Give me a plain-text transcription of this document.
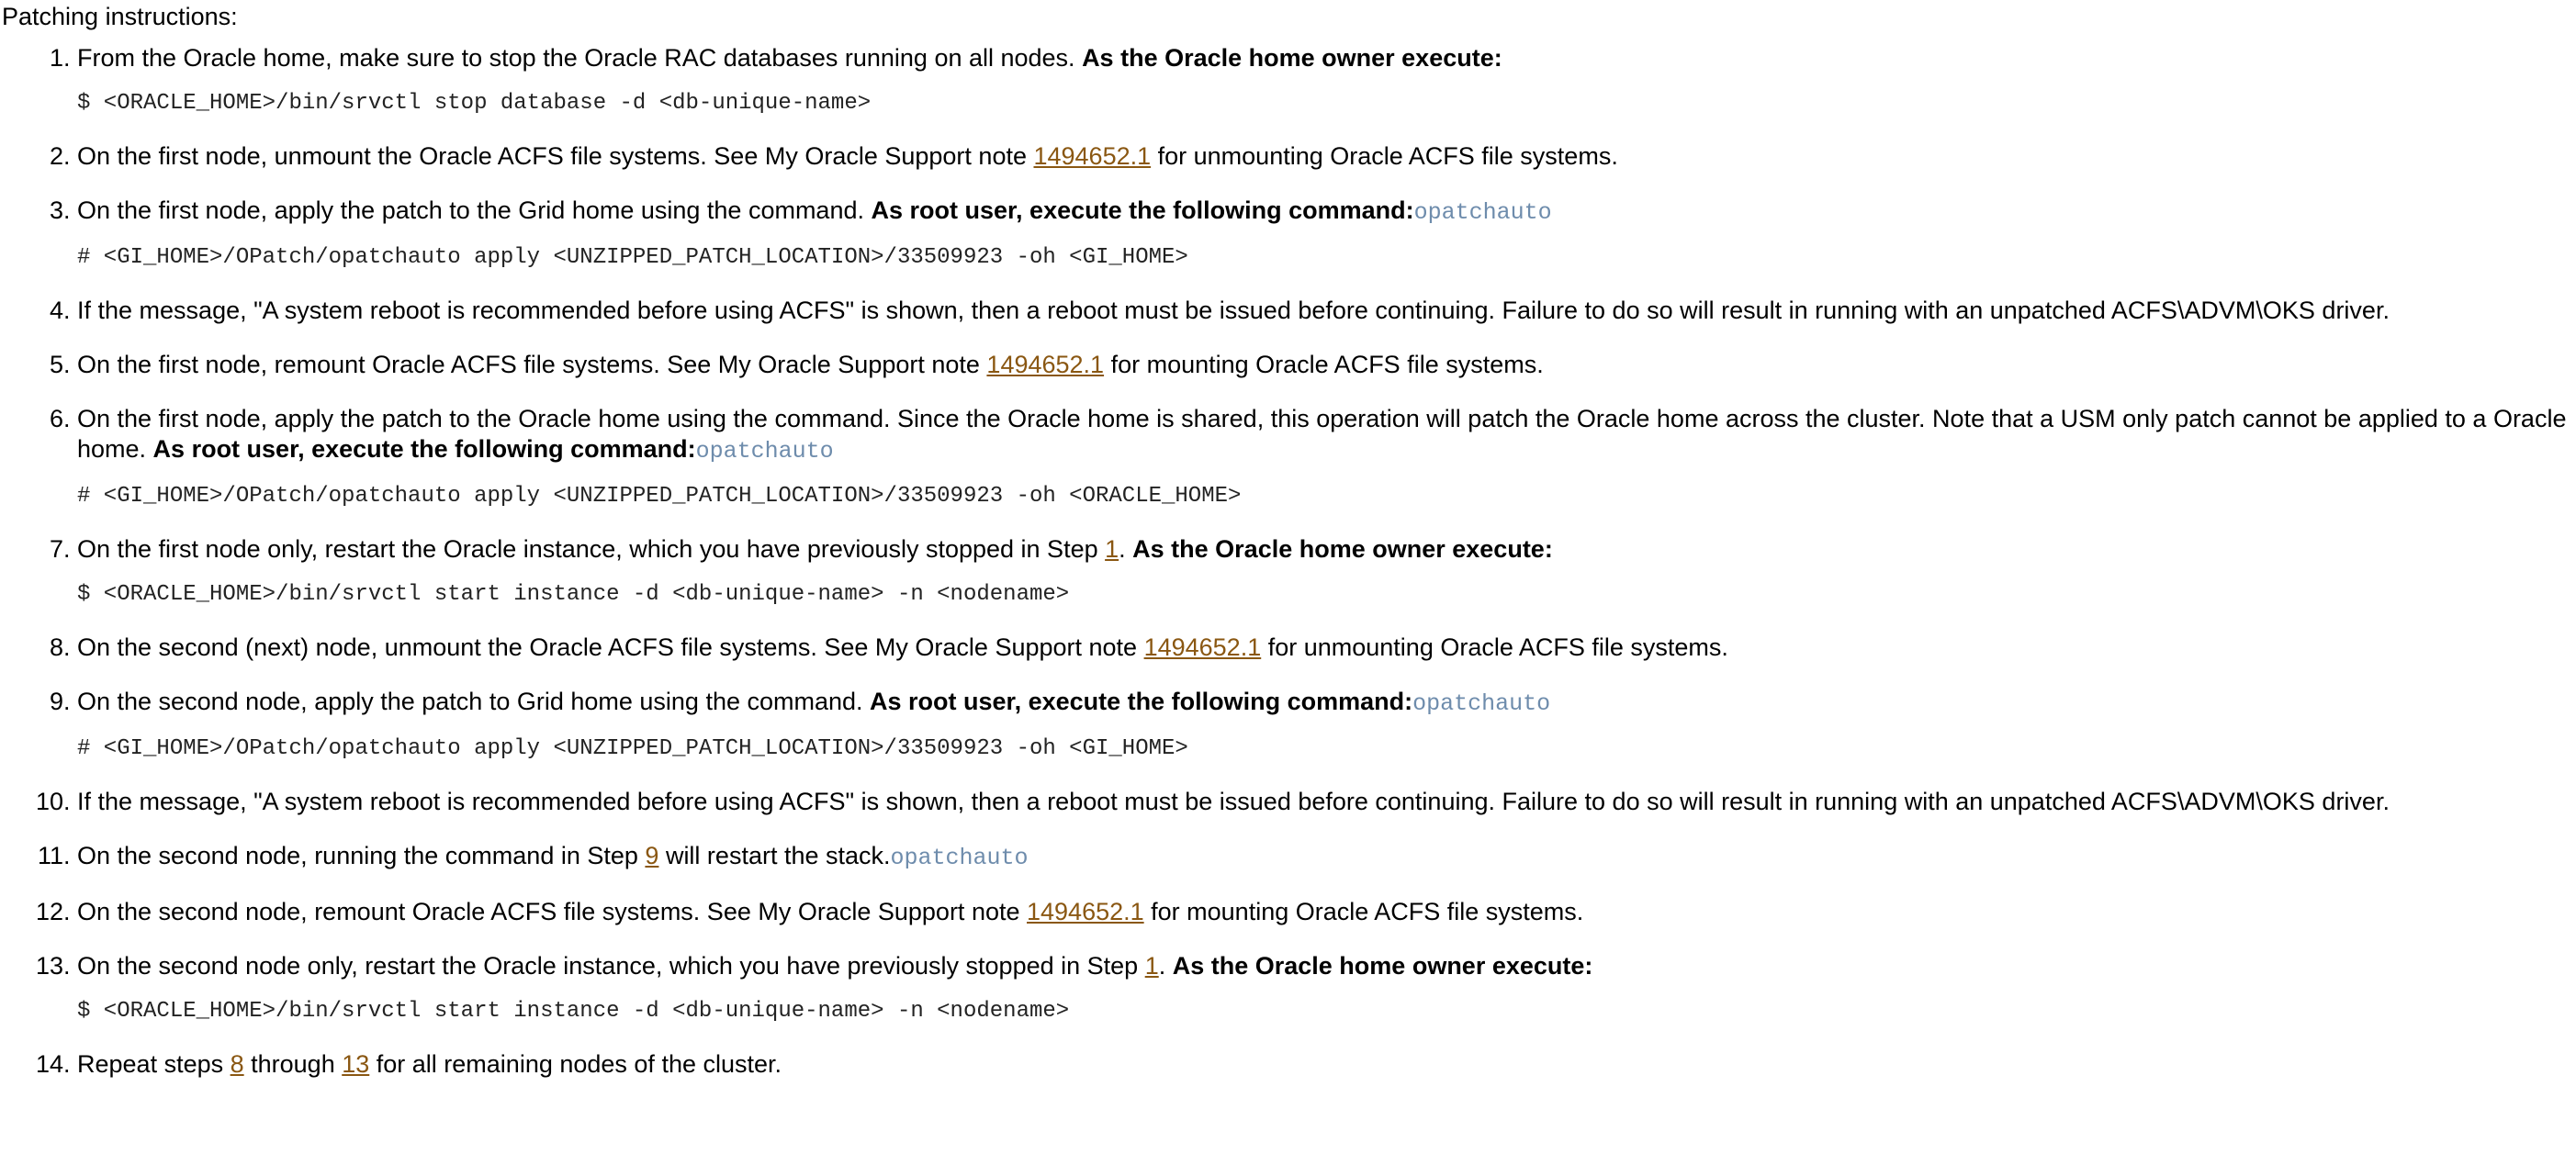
Patching instructions:

1. From the Oracle home, make sure to stop the Oracle RAC databases running on all nodes. As the Oracle home owner execute:
$ <ORACLE_HOME>/bin/srvctl stop database -d <db-unique-name>
2. On the first node, unmount the Oracle ACFS file systems. See My Oracle Support note 1494652.1 for unmounting Oracle ACFS file systems.
3. On the first node, apply the patch to the Grid home using the command. As root user, execute the following command:opatchauto
# <GI_HOME>/OPatch/opatchauto apply <UNZIPPED_PATCH_LOCATION>/33509923 -oh <GI_HOME>
4. If the message, "A system reboot is recommended before using ACFS" is shown, then a reboot must be issued before continuing. Failure to do so will result in running with an unpatched ACFS\ADVM\OKS driver.
5. On the first node, remount Oracle ACFS file systems. See My Oracle Support note 1494652.1 for mounting Oracle ACFS file systems.
6. On the first node, apply the patch to the Oracle home using the command. Since the Oracle home is shared, this operation will patch the Oracle home across the cluster. Note that a USM only patch cannot be applied to a Oracle home. As root user, execute the following command:opatchauto
# <GI_HOME>/OPatch/opatchauto apply <UNZIPPED_PATCH_LOCATION>/33509923 -oh <ORACLE_HOME>
7. On the first node only, restart the Oracle instance, which you have previously stopped in Step 1. As the Oracle home owner execute:
$ <ORACLE_HOME>/bin/srvctl start instance -d <db-unique-name> -n <nodename>
8. On the second (next) node, unmount the Oracle ACFS file systems. See My Oracle Support note 1494652.1 for unmounting Oracle ACFS file systems.
9. On the second node, apply the patch to Grid home using the command. As root user, execute the following command:opatchauto
# <GI_HOME>/OPatch/opatchauto apply <UNZIPPED_PATCH_LOCATION>/33509923 -oh <GI_HOME>
10. If the message, "A system reboot is recommended before using ACFS" is shown, then a reboot must be issued before continuing. Failure to do so will result in running with an unpatched ACFS\ADVM\OKS driver.
11. On the second node, running the command in Step 9 will restart the stack.opatchauto
12. On the second node, remount Oracle ACFS file systems. See My Oracle Support note 1494652.1 for mounting Oracle ACFS file systems.
13. On the second node only, restart the Oracle instance, which you have previously stopped in Step 1. As the Oracle home owner execute:
$ <ORACLE_HOME>/bin/srvctl start instance -d <db-unique-name> -n <nodename>
14. Repeat steps 8 through 13 for all remaining nodes of the cluster.
